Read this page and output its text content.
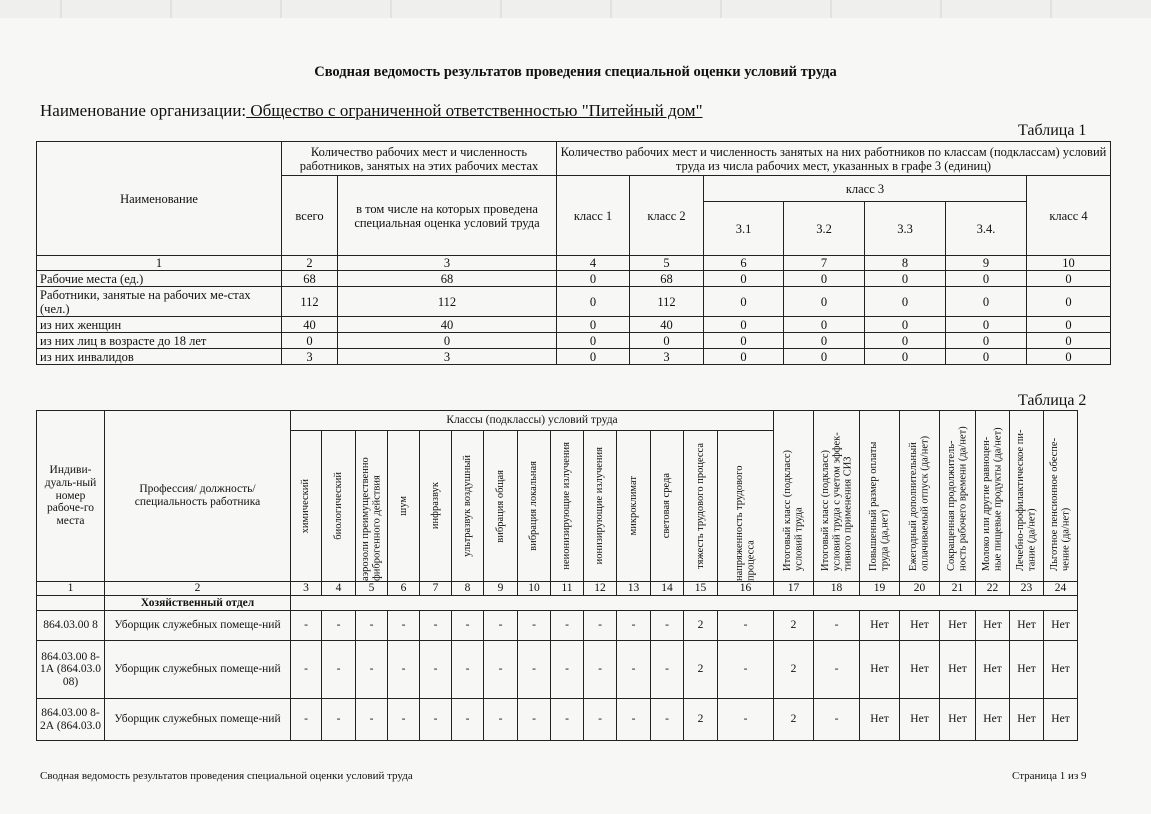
Сводная ведомость результатов проведения специальной оценки условий труда
Наименование организации: Общество с ограниченной ответственностью "Питейный дом"
Таблица 1
Наименование	Количество рабочих мест и численность работников, занятых на этих рабочих местах		Количество рабочих мест и численность занятых на них работников по классам (подклассам) условий труда из числа рабочих мест, указанных в графе 3 (единиц)						
	всего	в том числе на которых проведена специальная оценка условий труда	класс 1	класс 2	класс 3				класс 4
					3.1	3.2	3.3	3.4.	
1	2	3	4	5	6	7	8	9	10
Рабочие места (ед.)	68	68	0	68	0	0	0	0	0
Работники, занятые на рабочих ме-стах (чел.)	112	112	0	112	0	0	0	0	0
из них женщин	40	40	0	40	0	0	0	0	0
из них лиц в возрасте до 18 лет	0	0	0	0	0	0	0	0	0
из них инвалидов	3	3	0	3	0	0	0	0	0
Таблица 2
Индиви-дуаль-ный номер рабоче-го места	Профессия/ должность/ специальность работника	Классы (подклассы) условий труда														Итоговый класс (подкласс) условий труда	Итоговый класс (подкласс) условий труда с учетом эффек-тивного применения СИЗ	Повышенный размер оплаты труда (да,нет)	Ежегодный дополнительный оплачиваемый отпуск (да/нет)	Сокращенная продолжитель-ность рабочего времени (да/нет)	Молоко или другие равноцен-ные пищевые продукты (да/нет)	Лечебно-профилактическое пи-тание (да/нет)	Льготное пенсионное обеспе-чение (да/нет)

		химический	биологический	аэрозоли преимущественно фиброгенного действия	шум	инфразвук	ультразвук воздушный	вибрация общая	вибрация локальная	неионизирующие излучения	ионизирующие излучения	микроклимат	световая среда	тяжесть трудового процесса	напряженность трудового процесса								

1	2	3	4	5	6	7	8	9	10	11	12	13	14	15	16	17	18	19	20	21	22	23	24
	Хозяйственный отдел																						
864.03.00 8	Уборщик служебных помеще-ний	-	-	-	-	-	-	-	-	-	-	-	-	2	-	2	-	Нет	Нет	Нет	Нет	Нет	Нет
864.03.00 8-1А (864.03.0 08)	Уборщик служебных помеще-ний	-	-	-	-	-	-	-	-	-	-	-	-	2	-	2	-	Нет	Нет	Нет	Нет	Нет	Нет
864.03.00 8-2А (864.03.0	Уборщик служебных помеще-ний	-	-	-	-	-	-	-	-	-	-	-	-	2	-	2	-	Нет	Нет	Нет	Нет	Нет	Нет
Сводная ведомость результатов проведения специальной оценки условий труда	Страница 1 из 9
